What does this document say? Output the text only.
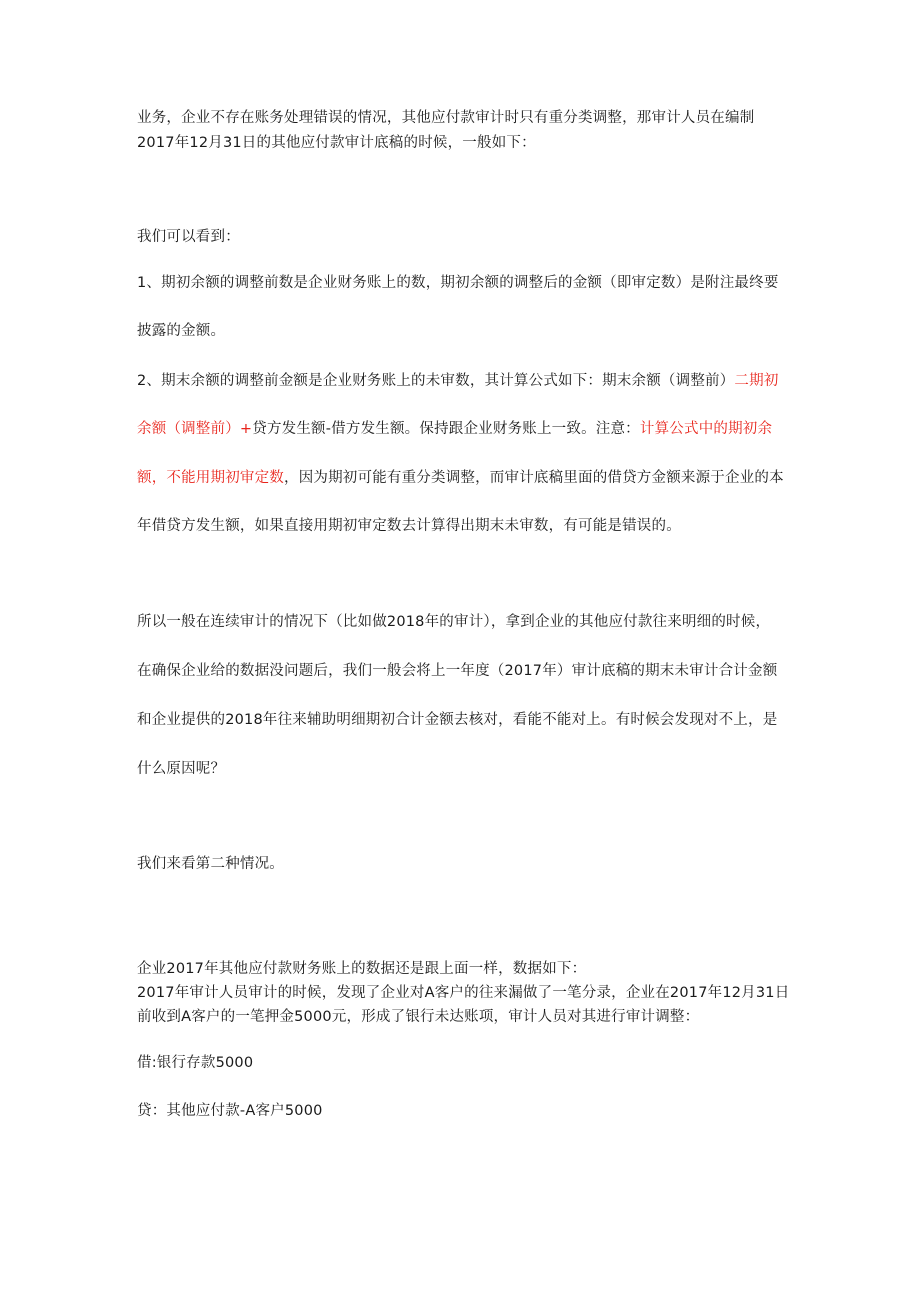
业务，企业不存在账务处理错误的情况，其他应付款审计时只有重分类调整，那审计人员在编制

2017年12月31日的其他应付款审计底稿的时候，一般如下：

我们可以看到：

1、期初余额的调整前数是企业财务账上的数，期初余额的调整后的金额（即审定数）是附注最终要

披露的金额。

2、期末余额的调整前金额是企业财务账上的未审数，其计算公式如下：期末余额（调整前）二期初

余额（调整前）+贷方发生额-借方发生额。保持跟企业财务账上一致。注意：计算公式中的期初余

额，不能用期初审定数，因为期初可能有重分类调整，而审计底稿里面的借贷方金额来源于企业的本

年借贷方发生额，如果直接用期初审定数去计算得出期末未审数，有可能是错误的。

所以一般在连续审计的情况下（比如做2018年的审计），拿到企业的其他应付款往来明细的时候，

在确保企业给的数据没问题后，我们一般会将上一年度（2017年）审计底稿的期末未审计合计金额

和企业提供的2018年往来辅助明细期初合计金额去核对，看能不能对上。有时候会发现对不上，是

什么原因呢？

我们来看第二种情况。

企业2017年其他应付款财务账上的数据还是跟上面一样，数据如下：

2017年审计人员审计的时候，发现了企业对A客户的往来漏做了一笔分录，企业在2017年12月31日

前收到A客户的一笔押金5000元，形成了银行未达账项，审计人员对其进行审计调整：

借:银行存款5000

贷：其他应付款-A客户5000
